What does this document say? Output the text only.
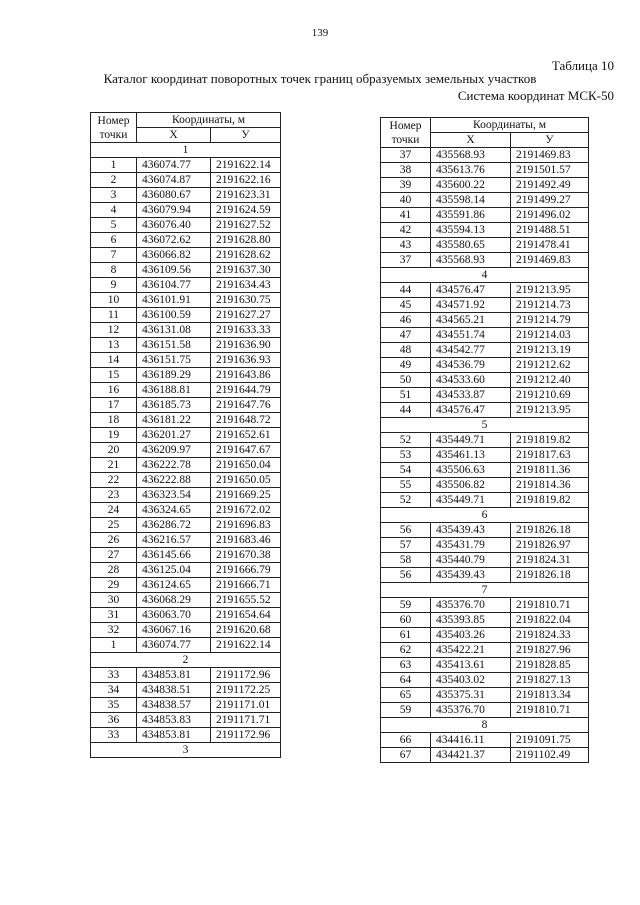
139
Таблица 10
Каталог координат поворотных точек границ образуемых земельных участков
Система координат МСК-50
Номер
точки	Координаты, м	
	X	У
1		
1	436074.77	2191622.14
2	436074.87	2191622.16
3	436080.67	2191623.31
4	436079.94	2191624.59
5	436076.40	2191627.52
6	436072.62	2191628.80
7	436066.82	2191628.62
8	436109.56	2191637.30
9	436104.77	2191634.43
10	436101.91	2191630.75
11	436100.59	2191627.27
12	436131.08	2191633.33
13	436151.58	2191636.90
14	436151.75	2191636.93
15	436189.29	2191643.86
16	436188.81	2191644.79
17	436185.73	2191647.76
18	436181.22	2191648.72
19	436201.27	2191652.61
20	436209.97	2191647.67
21	436222.78	2191650.04
22	436222.88	2191650.05
23	436323.54	2191669.25
24	436324.65	2191672.02
25	436286.72	2191696.83
26	436216.57	2191683.46
27	436145.66	2191670.38
28	436125.04	2191666.79
29	436124.65	2191666.71
30	436068.29	2191655.52
31	436063.70	2191654.64
32	436067.16	2191620.68
1	436074.77	2191622.14
2		
33	434853.81	2191172.96
34	434838.51	2191172.25
35	434838.57	2191171.01
36	434853.83	2191171.71
33	434853.81	2191172.96
3		
Номер
точки	Координаты, м	
	X	У
37	435568.93	2191469.83
38	435613.76	2191501.57
39	435600.22	2191492.49
40	435598.14	2191499.27
41	435591.86	2191496.02
42	435594.13	2191488.51
43	435580.65	2191478.41
37	435568.93	2191469.83
4		
44	434576.47	2191213.95
45	434571.92	2191214.73
46	434565.21	2191214.79
47	434551.74	2191214.03
48	434542.77	2191213.19
49	434536.79	2191212.62
50	434533.60	2191212.40
51	434533.87	2191210.69
44	434576.47	2191213.95
5		
52	435449.71	2191819.82
53	435461.13	2191817.63
54	435506.63	2191811.36
55	435506.82	2191814.36
52	435449.71	2191819.82
6		
56	435439.43	2191826.18
57	435431.79	2191826.97
58	435440.79	2191824.31
56	435439.43	2191826.18
7		
59	435376.70	2191810.71
60	435393.85	2191822.04
61	435403.26	2191824.33
62	435422.21	2191827.96
63	435413.61	2191828.85
64	435403.02	2191827.13
65	435375.31	2191813.34
59	435376.70	2191810.71
8		
66	434416.11	2191091.75
67	434421.37	2191102.49
